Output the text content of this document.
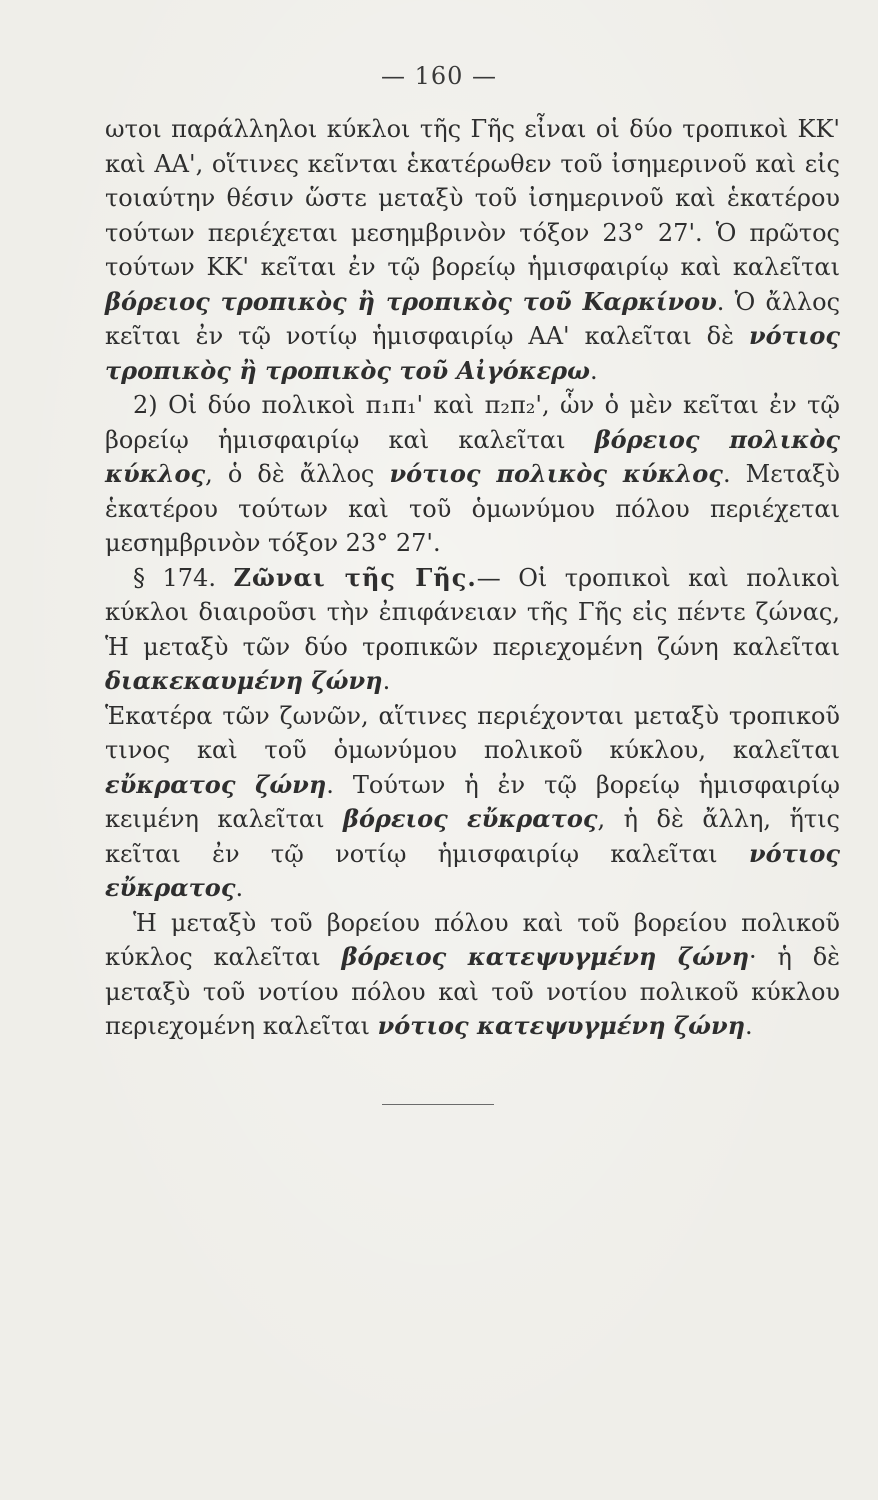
— 160 —

ωτοι παράλληλοι κύκλοι τῆς Γῆς εἶναι οἱ δύο τροπικοὶ ΚΚ' καὶ ΑΑ', οἵτινες κεῖνται ἑκατέρωθεν τοῦ ἰσημερινοῦ καὶ εἰς τοιαύτην θέσιν ὥστε μεταξὺ τοῦ ἰσημερινοῦ καὶ ἑκατέρου τούτων περιέχεται μεσημβρινὸν τόξον 23° 27'. Ὁ πρῶτος τούτων ΚΚ' κεῖται ἐν τῷ βορείῳ ἡμισφαιρίῳ καὶ καλεῖται βόρειος τροπικὸς ἢ τροπικὸς τοῦ Καρκίνου. Ὁ ἄλλος κεῖται ἐν τῷ νοτίῳ ἡμισφαιρίῳ ΑΑ' καλεῖται δὲ νότιος τροπικὸς ἢ τροπικὸς τοῦ Αἰγόκερω.

2) Οἱ δύο πολικοὶ π₁π₁' καὶ π₂π₂', ὧν ὁ μὲν κεῖται ἐν τῷ βορείῳ ἡμισφαιρίῳ καὶ καλεῖται βόρειος πολικὸς κύκλος, ὁ δὲ ἄλλος νότιος πολικὸς κύκλος. Μεταξὺ ἑκατέρου τούτων καὶ τοῦ ὁμωνύμου πόλου περιέχεται μεσημβρινὸν τόξον 23° 27'.

§ 174. Ζῶναι τῆς Γῆς.— Οἱ τροπικοὶ καὶ πολικοὶ κύκλοι διαιροῦσι τὴν ἐπιφάνειαν τῆς Γῆς εἰς πέντε ζώνας, Ἡ μεταξὺ τῶν δύο τροπικῶν περιεχομένη ζώνη καλεῖται διακεκαυμένη ζώνη.

Ἑκατέρα τῶν ζωνῶν, αἵτινες περιέχονται μεταξὺ τροπικοῦ τινος καὶ τοῦ ὁμωνύμου πολικοῦ κύκλου, καλεῖται εὔκρατος ζώνη. Τούτων ἡ ἐν τῷ βορείῳ ἡμισφαιρίῳ κειμένη καλεῖται βόρειος εὔκρατος, ἡ δὲ ἄλλη, ἥτις κεῖται ἐν τῷ νοτίῳ ἡμισφαιρίῳ καλεῖται νότιος εὔκρατος.

Ἡ μεταξὺ τοῦ βορείου πόλου καὶ τοῦ βορείου πολικοῦ κύκλος καλεῖται βόρειος κατεψυγμένη ζώνη· ἡ δὲ μεταξὺ τοῦ νοτίου πόλου καὶ τοῦ νοτίου πολικοῦ κύκλου περιεχομένη καλεῖται νότιος κατεψυγμένη ζώνη.
